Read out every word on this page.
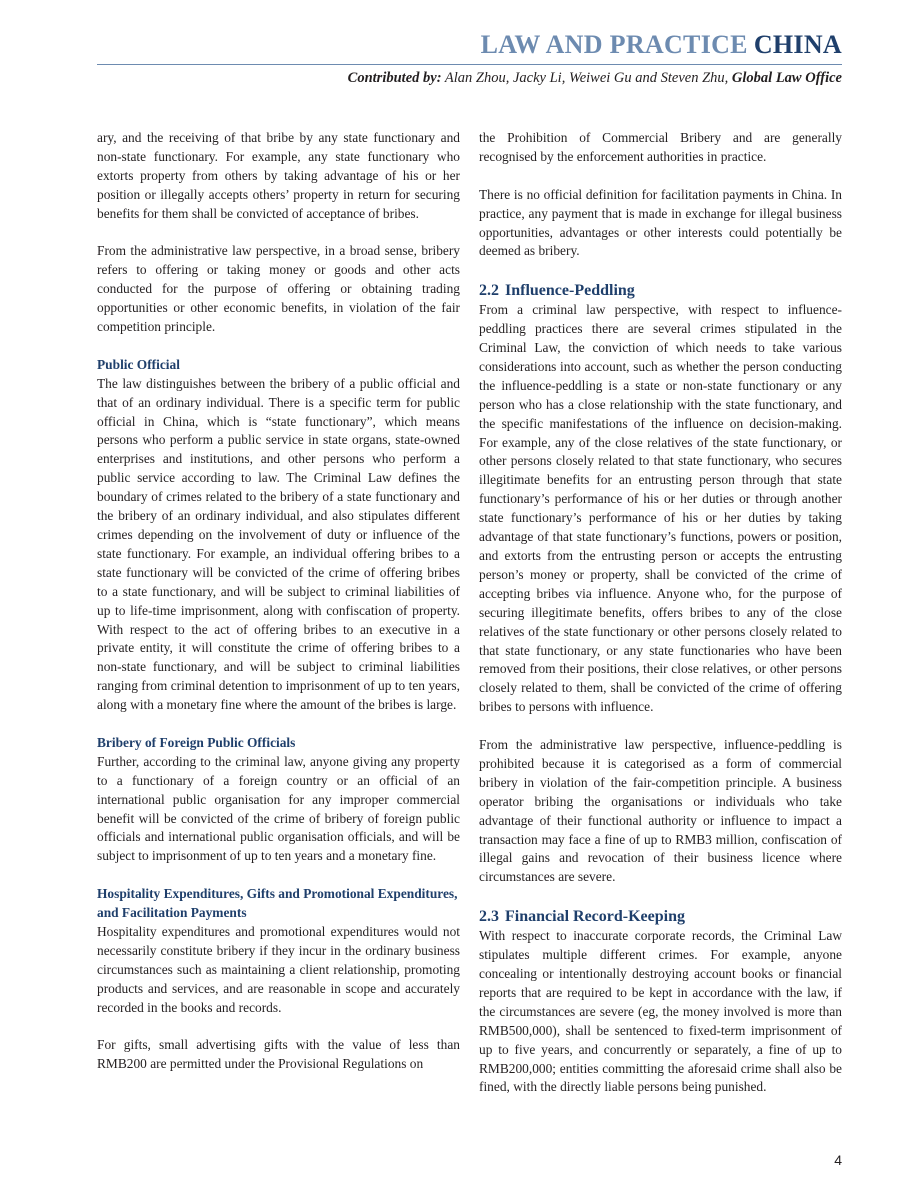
LAW AND PRACTICE CHINA
Contributed by: Alan Zhou, Jacky Li, Weiwei Gu and Steven Zhu, Global Law Office

ary, and the receiving of that bribe by any state functionary and non-state functionary. For example, any state functionary who extorts property from others by taking advantage of his or her position or illegally accepts others’ property in return for securing benefits for them shall be convicted of acceptance of bribes.

From the administrative law perspective, in a broad sense, bribery refers to offering or taking money or goods and other acts conducted for the purpose of offering or obtaining trading opportunities or other economic benefits, in violation of the fair competition principle.

Public Official

The law distinguishes between the bribery of a public official and that of an ordinary individual. There is a specific term for public official in China, which is “state functionary”, which means persons who perform a public service in state organs, state-owned enterprises and institutions, and other persons who perform a public service according to law. The Criminal Law defines the boundary of crimes related to the bribery of a state functionary and the bribery of an ordinary individual, and also stipulates different crimes depending on the involvement of duty or influence of the state functionary. For example, an individual offering bribes to a state functionary will be convicted of the crime of offering bribes to a state functionary, and will be subject to criminal liabilities of up to life-time imprisonment, along with confiscation of property. With respect to the act of offering bribes to an executive in a private entity, it will constitute the crime of offering bribes to a non-state functionary, and will be subject to criminal liabilities ranging from criminal detention to imprisonment of up to ten years, along with a monetary fine where the amount of the bribes is large.

Bribery of Foreign Public Officials

Further, according to the criminal law, anyone giving any property to a functionary of a foreign country or an official of an international public organisation for any improper commercial benefit will be convicted of the crime of bribery of foreign public officials and international public organisation officials, and will be subject to imprisonment of up to ten years and a monetary fine.

Hospitality Expenditures, Gifts and Promotional Expenditures, and Facilitation Payments

Hospitality expenditures and promotional expenditures would not necessarily constitute bribery if they incur in the ordinary business circumstances such as maintaining a client relationship, promoting products and services, and are reasonable in scope and accurately recorded in the books and records.

For gifts, small advertising gifts with the value of less than RMB200 are permitted under the Provisional Regulations on

the Prohibition of Commercial Bribery and are generally recognised by the enforcement authorities in practice.

There is no official definition for facilitation payments in China. In practice, any payment that is made in exchange for illegal business opportunities, advantages or other interests could potentially be deemed as bribery.

2.2 Influence-Peddling

From a criminal law perspective, with respect to influence-peddling practices there are several crimes stipulated in the Criminal Law, the conviction of which needs to take various considerations into account, such as whether the person conducting the influence-peddling is a state or non-state functionary or any person who has a close relationship with the state functionary, and the specific manifestations of the influence on decision-making. For example, any of the close relatives of the state functionary, or other persons closely related to that state functionary, who secures illegitimate benefits for an entrusting person through that state functionary’s performance of his or her duties or through another state functionary’s performance of his or her duties by taking advantage of that state functionary’s functions, powers or position, and extorts from the entrusting person or accepts the entrusting person’s money or property, shall be convicted of the crime of accepting bribes via influence. Anyone who, for the purpose of securing illegitimate benefits, offers bribes to any of the close relatives of the state functionary or other persons closely related to that state functionary, or any state functionaries who have been removed from their positions, their close relatives, or other persons closely related to them, shall be convicted of the crime of offering bribes to persons with influence.

From the administrative law perspective, influence-peddling is prohibited because it is categorised as a form of commercial bribery in violation of the fair-competition principle. A business operator bribing the organisations or individuals who take advantage of their functional authority or influence to impact a transaction may face a fine of up to RMB3 million, confiscation of illegal gains and revocation of their business licence where circumstances are severe.

2.3 Financial Record-Keeping

With respect to inaccurate corporate records, the Criminal Law stipulates multiple different crimes. For example, anyone concealing or intentionally destroying account books or financial reports that are required to be kept in accordance with the law, if the circumstances are severe (eg, the money involved is more than RMB500,000), shall be sentenced to fixed-term imprisonment of up to five years, and concurrently or separately, a fine of up to RMB200,000; entities committing the aforesaid crime shall also be fined, with the directly liable persons being punished.

4
